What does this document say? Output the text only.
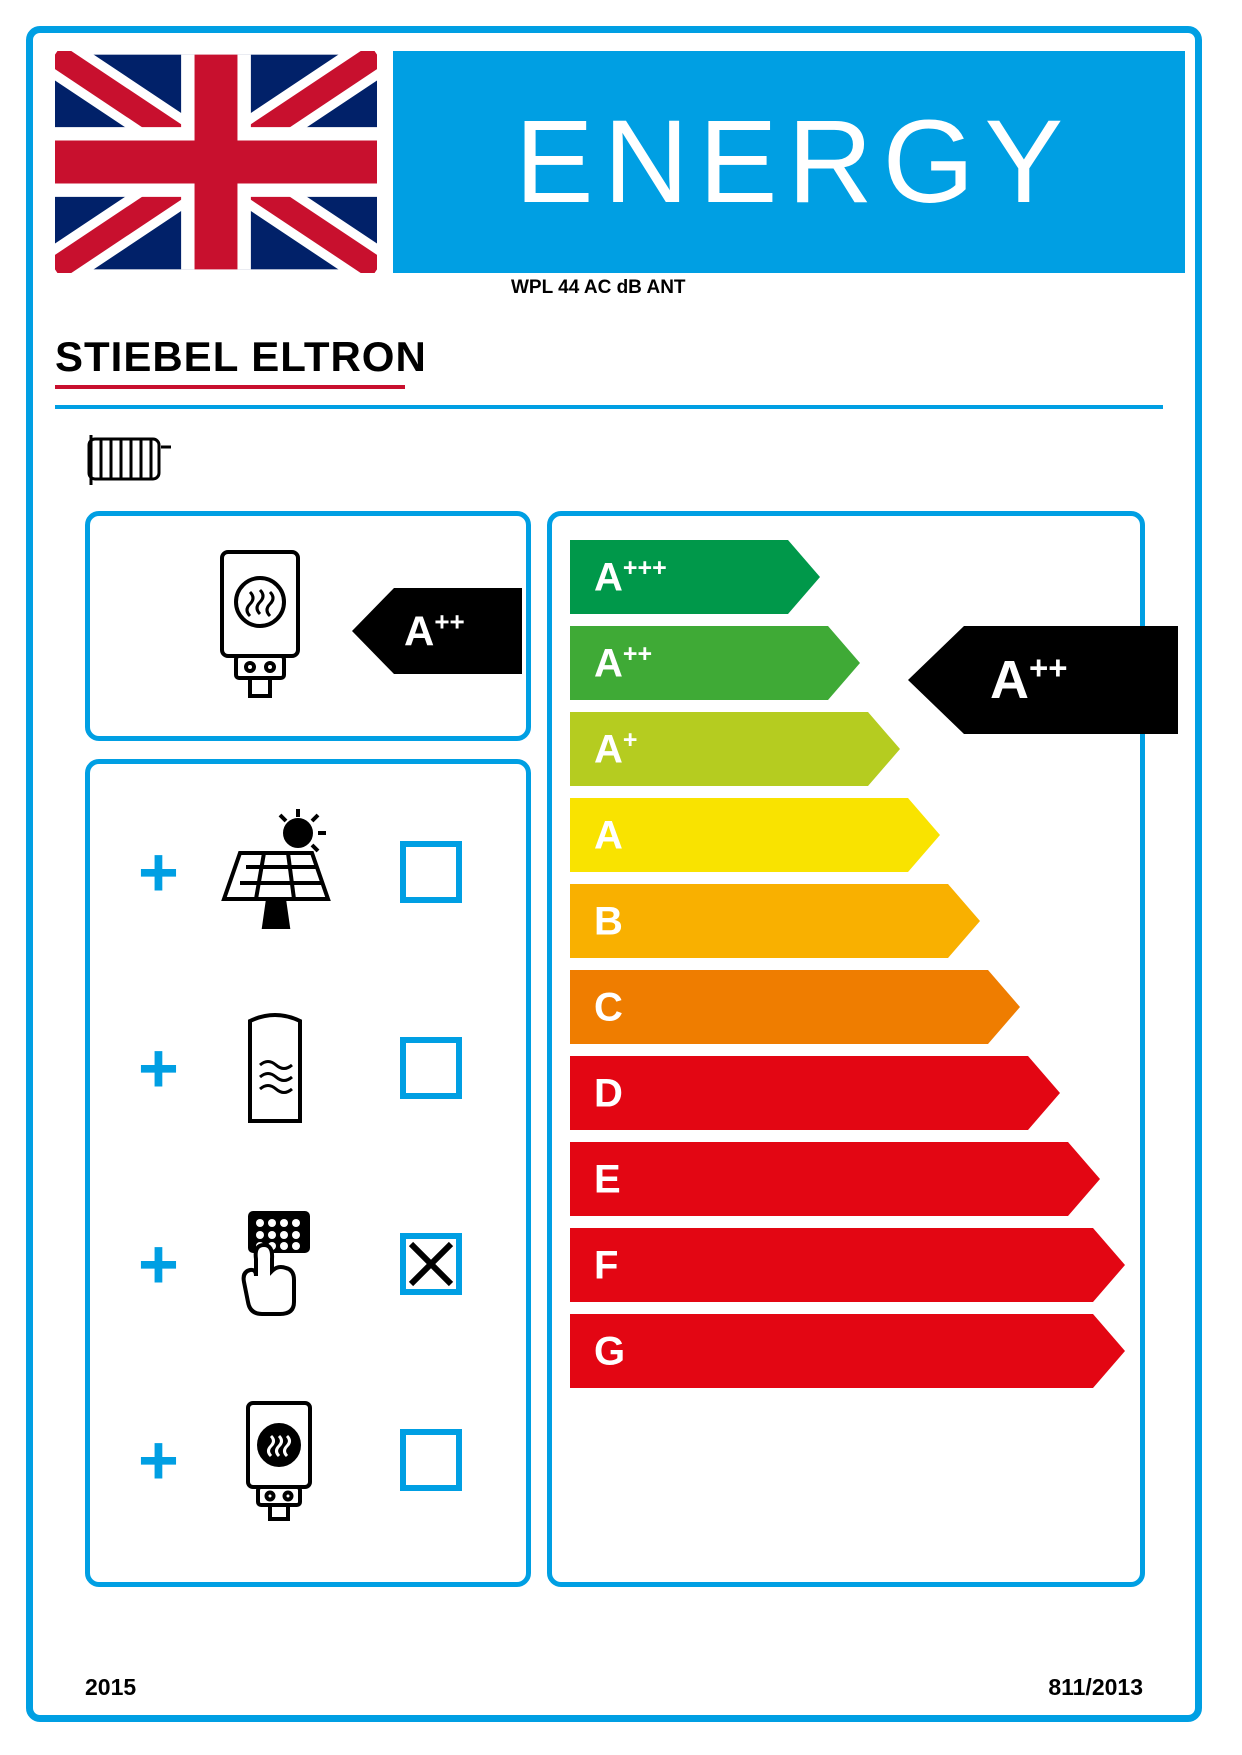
ENERGY
WPL 44 AC dB ANT
STIEBEL ELTRON
A++
+
+
+
+
A+++
A++
A+
A
B
C
D
E
F
G
A++
2015	811/2013
